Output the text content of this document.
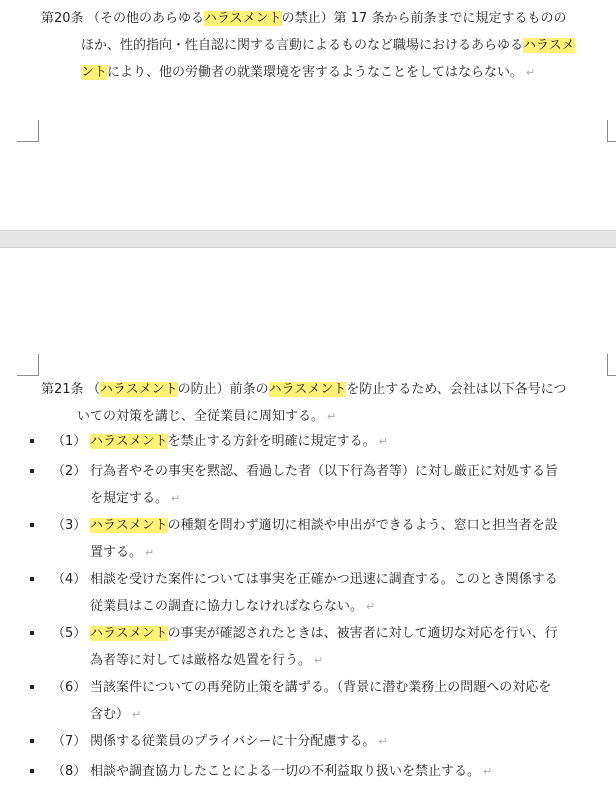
第20条 （その他のあらゆるハラスメントの禁止）第 17 条から前条までに規定するものの
ほか、性的指向・性自認に関する言動によるものなど職場におけるあらゆるハラスメ
ントにより、他の労働者の就業環境を害するようなことをしてはならない。 ↵
第21条 （ハラスメントの防止）前条のハラスメントを防止するため、会社は以下各号につ
いての対策を講じ、全従業員に周知する。 ↵
（1） ハラスメントを禁止する方針を明確に規定する。 ↵
（2） 行為者やその事実を黙認、看過した者（以下行為者等）に対し厳正に対処する旨
を規定する。 ↵
（3） ハラスメントの種類を問わず適切に相談や申出ができるよう、窓口と担当者を設
置する。 ↵
（4） 相談を受けた案件については事実を正確かつ迅速に調査する。このとき関係する
従業員はこの調査に協力しなければならない。 ↵
（5） ハラスメントの事実が確認されたときは、被害者に対して適切な対応を行い、行
為者等に対しては厳格な処置を行う。 ↵
（6） 当該案件についての再発防止策を講ずる。（背景に潜む業務上の問題への対応を
含む） ↵
（7） 関係する従業員のプライバシーに十分配慮する。 ↵
（8） 相談や調査協力したことによる一切の不利益取り扱いを禁止する。 ↵
